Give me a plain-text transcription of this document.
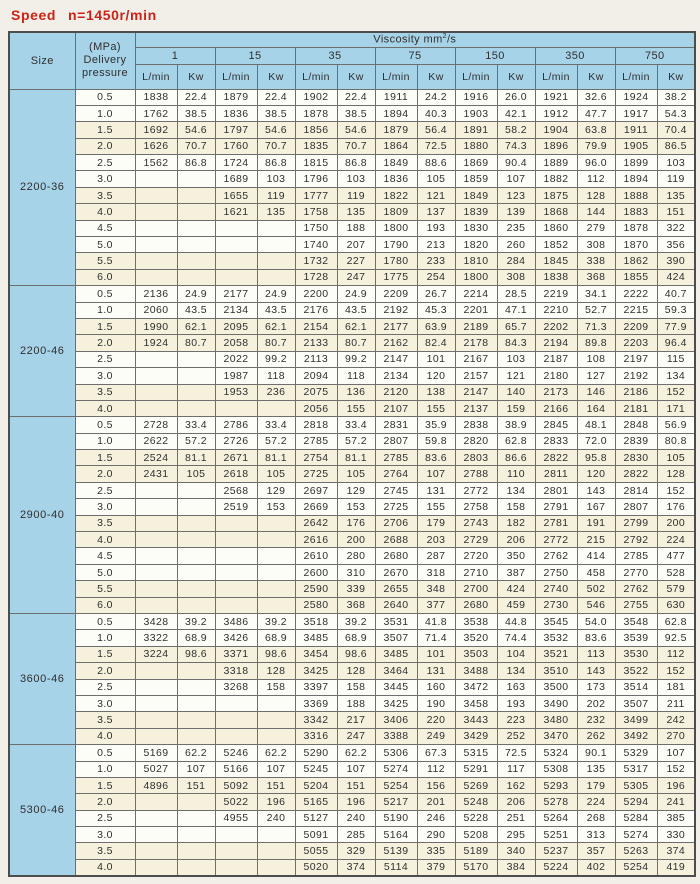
Speed n=1450r/min
Size	(MPa)
Delivery
pressure	Viscosity $mm^2/s$													
		1		15		35		75		150		350		750	
		L/min	Kw	L/min	Kw	L/min	Kw	L/min	Kw	L/min	Kw	L/min	Kw	L/min	Kw
2200-36	0.5	1838	22.4	1879	22.4	1902	22.4	1911	24.2	1916	26.0	1921	32.6	1924	38.2
	1.0	1762	38.5	1836	38.5	1878	38.5	1894	40.3	1903	42.1	1912	47.7	1917	54.3
	1.5	1692	54.6	1797	54.6	1856	54.6	1879	56.4	1891	58.2	1904	63.8	1911	70.4
	2.0	1626	70.7	1760	70.7	1835	70.7	1864	72.5	1880	74.3	1896	79.9	1905	86.5
	2.5	1562	86.8	1724	86.8	1815	86.8	1849	88.6	1869	90.4	1889	96.0	1899	103
	3.0			1689	103	1796	103	1836	105	1859	107	1882	112	1894	119
	3.5			1655	119	1777	119	1822	121	1849	123	1875	128	1888	135
	4.0			1621	135	1758	135	1809	137	1839	139	1868	144	1883	151
	4.5					1750	188	1800	193	1830	235	1860	279	1878	322
	5.0					1740	207	1790	213	1820	260	1852	308	1870	356
	5.5					1732	227	1780	233	1810	284	1845	338	1862	390
	6.0					1728	247	1775	254	1800	308	1838	368	1855	424
2200-46	0.5	2136	24.9	2177	24.9	2200	24.9	2209	26.7	2214	28.5	2219	34.1	2222	40.7
	1.0	2060	43.5	2134	43.5	2176	43.5	2192	45.3	2201	47.1	2210	52.7	2215	59.3
	1.5	1990	62.1	2095	62.1	2154	62.1	2177	63.9	2189	65.7	2202	71.3	2209	77.9
	2.0	1924	80.7	2058	80.7	2133	80.7	2162	82.4	2178	84.3	2194	89.8	2203	96.4
	2.5			2022	99.2	2113	99.2	2147	101	2167	103	2187	108	2197	115
	3.0			1987	118	2094	118	2134	120	2157	121	2180	127	2192	134
	3.5			1953	236	2075	136	2120	138	2147	140	2173	146	2186	152
	4.0					2056	155	2107	155	2137	159	2166	164	2181	171
2900-40	0.5	2728	33.4	2786	33.4	2818	33.4	2831	35.9	2838	38.9	2845	48.1	2848	56.9
	1.0	2622	57.2	2726	57.2	2785	57.2	2807	59.8	2820	62.8	2833	72.0	2839	80.8
	1.5	2524	81.1	2671	81.1	2754	81.1	2785	83.6	2803	86.6	2822	95.8	2830	105
	2.0	2431	105	2618	105	2725	105	2764	107	2788	110	2811	120	2822	128
	2.5			2568	129	2697	129	2745	131	2772	134	2801	143	2814	152
	3.0			2519	153	2669	153	2725	155	2758	158	2791	167	2807	176
	3.5					2642	176	2706	179	2743	182	2781	191	2799	200
	4.0					2616	200	2688	203	2729	206	2772	215	2792	224
	4.5					2610	280	2680	287	2720	350	2762	414	2785	477
	5.0					2600	310	2670	318	2710	387	2750	458	2770	528
	5.5					2590	339	2655	348	2700	424	2740	502	2762	579
	6.0					2580	368	2640	377	2680	459	2730	546	2755	630
3600-46	0.5	3428	39.2	3486	39.2	3518	39.2	3531	41.8	3538	44.8	3545	54.0	3548	62.8
	1.0	3322	68.9	3426	68.9	3485	68.9	3507	71.4	3520	74.4	3532	83.6	3539	92.5
	1.5	3224	98.6	3371	98.6	3454	98.6	3485	101	3503	104	3521	113	3530	112
	2.0			3318	128	3425	128	3464	131	3488	134	3510	143	3522	152
	2.5			3268	158	3397	158	3445	160	3472	163	3500	173	3514	181
	3.0					3369	188	3425	190	3458	193	3490	202	3507	211
	3.5					3342	217	3406	220	3443	223	3480	232	3499	242
	4.0					3316	247	3388	249	3429	252	3470	262	3492	270
5300-46	0.5	5169	62.2	5246	62.2	5290	62.2	5306	67.3	5315	72.5	5324	90.1	5329	107
	1.0	5027	107	5166	107	5245	107	5274	112	5291	117	5308	135	5317	152
	1.5	4896	151	5092	151	5204	151	5254	156	5269	162	5293	179	5305	196
	2.0			5022	196	5165	196	5217	201	5248	206	5278	224	5294	241
	2.5			4955	240	5127	240	5190	246	5228	251	5264	268	5284	385
	3.0					5091	285	5164	290	5208	295	5251	313	5274	330
	3.5					5055	329	5139	335	5189	340	5237	357	5263	374
	4.0					5020	374	5114	379	5170	384	5224	402	5254	419
